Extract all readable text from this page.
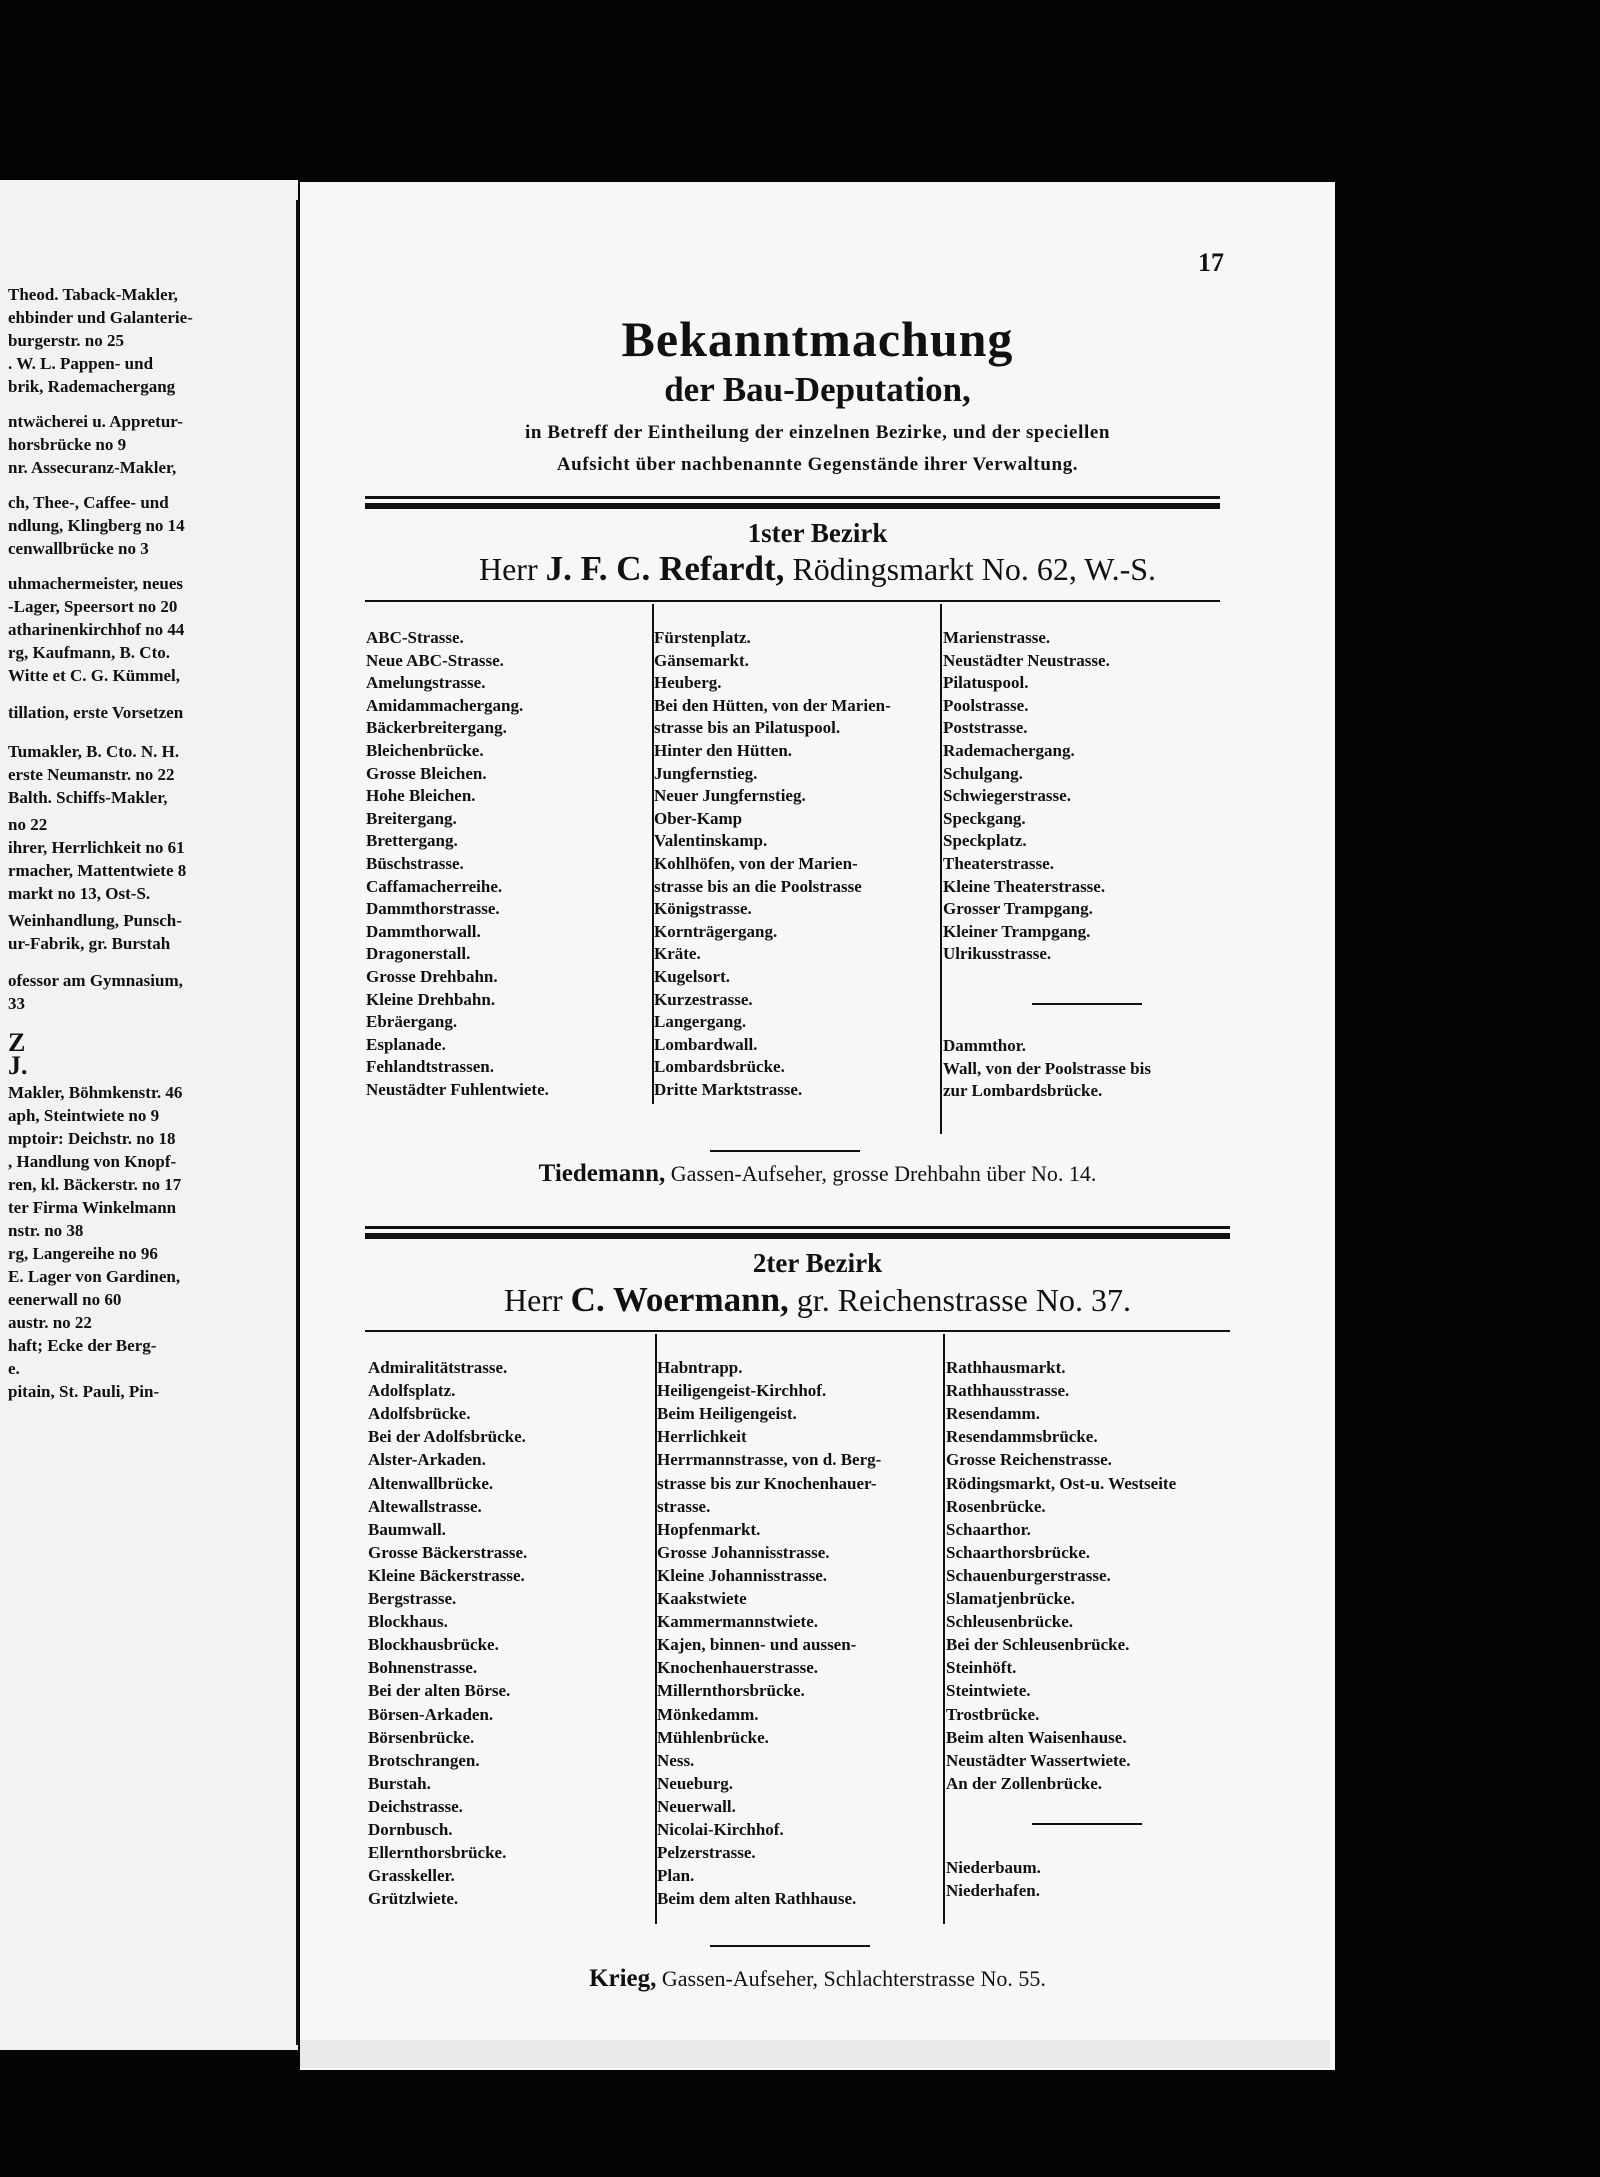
Theod. Taback-Makler,
ehbinder und Galanterie-
burgerstr. no 25
. W. L. Pappen- und
brik, Rademachergang
ntwächerei u. Appretur-
horsbrücke no 9
nr. Assecuranz-Makler,
ch, Thee-, Caffee- und
ndlung, Klingberg no 14
cenwallbrücke no 3
uhmachermeister, neues
-Lager, Speersort no 20
atharinenkirchhof no 44
rg, Kaufmann, B. Cto.
Witte et C. G. Kümmel,
tillation, erste Vorsetzen
Tumakler, B. Cto. N. H.
erste Neumanstr. no 22
Balth. Schiffs-Makler,
no 22
ihrer, Herrlichkeit no 61
rmacher, Mattentwiete 8
markt no 13, Ost-S.
Weinhandlung, Punsch-
ur-Fabrik, gr. Burstah
ofessor am Gymnasium,
33
Z
J.
Makler, Böhmkenstr. 46
aph, Steintwiete no 9
mptoir: Deichstr. no 18
, Handlung von Knopf-
ren, kl. Bäckerstr. no 17
ter Firma Winkelmann
nstr. no 38
rg, Langereihe no 96
E. Lager von Gardinen,
eenerwall no 60
austr. no 22
haft; Ecke der Berg-
e.
pitain, St. Pauli, Pin-
17
Bekanntmachung
der Bau-Deputation,
in Betreff der Eintheilung der einzelnen Bezirke, und der speciellen
Aufsicht über nachbenannte Gegenstände ihrer Verwaltung.
1ster Bezirk
Herr J. F. C. Refardt, Rödingsmarkt No. 62, W.-S.
ABC-Strasse.
Neue ABC-Strasse.
Amelungstrasse.
Amidammachergang.
Bäckerbreitergang.
Bleichenbrücke.
Grosse Bleichen.
Hohe Bleichen.
Breitergang.
Brettergang.
Büschstrasse.
Caffamacherreihe.
Dammthorstrasse.
Dammthorwall.
Dragonerstall.
Grosse Drehbahn.
Kleine Drehbahn.
Ebräergang.
Esplanade.
Fehlandtstrassen.
Neustädter Fuhlentwiete.
Fürstenplatz.
Gänsemarkt.
Heuberg.
Bei den Hütten, von der Marien-
strasse bis an Pilatuspool.
Hinter den Hütten.
Jungfernstieg.
Neuer Jungfernstieg.
Ober-Kamp
Valentinskamp.
Kohlhöfen, von der Marien-
strasse bis an die Poolstrasse
Königstrasse.
Kornträgergang.
Kräte.
Kugelsort.
Kurzestrasse.
Langergang.
Lombardwall.
Lombardsbrücke.
Dritte Marktstrasse.
Marienstrasse.
Neustädter Neustrasse.
Pilatuspool.
Poolstrasse.
Poststrasse.
Rademachergang.
Schulgang.
Schwiegerstrasse.
Speckgang.
Speckplatz.
Theaterstrasse.
Kleine Theaterstrasse.
Grosser Trampgang.
Kleiner Trampgang.
Ulrikusstrasse.
Dammthor.
Wall, von der Poolstrasse bis
zur Lombardsbrücke.
Tiedemann, Gassen-Aufseher, grosse Drehbahn über No. 14.
2ter Bezirk
Herr C. Woermann, gr. Reichenstrasse No. 37.
Admiralitätstrasse.
Adolfsplatz.
Adolfsbrücke.
Bei der Adolfsbrücke.
Alster-Arkaden.
Altenwallbrücke.
Altewallstrasse.
Baumwall.
Grosse Bäckerstrasse.
Kleine Bäckerstrasse.
Bergstrasse.
Blockhaus.
Blockhausbrücke.
Bohnenstrasse.
Bei der alten Börse.
Börsen-Arkaden.
Börsenbrücke.
Brotschrangen.
Burstah.
Deichstrasse.
Dornbusch.
Ellernthorsbrücke.
Grasskeller.
Grützlwiete.
Habntrapp.
Heiligengeist-Kirchhof.
Beim Heiligengeist.
Herrlichkeit
Herrmannstrasse, von d. Berg-
strasse bis zur Knochenhauer-
strasse.
Hopfenmarkt.
Grosse Johannisstrasse.
Kleine Johannisstrasse.
Kaakstwiete
Kammermannstwiete.
Kajen, binnen- und aussen-
Knochenhauerstrasse.
Millernthorsbrücke.
Mönkedamm.
Mühlenbrücke.
Ness.
Neueburg.
Neuerwall.
Nicolai-Kirchhof.
Pelzerstrasse.
Plan.
Beim dem alten Rathhause.
Rathhausmarkt.
Rathhausstrasse.
Resendamm.
Resendammsbrücke.
Grosse Reichenstrasse.
Rödingsmarkt, Ost-u. Westseite
Rosenbrücke.
Schaarthor.
Schaarthorsbrücke.
Schauenburgerstrasse.
Slamatjenbrücke.
Schleusenbrücke.
Bei der Schleusenbrücke.
Steinhöft.
Steintwiete.
Trostbrücke.
Beim alten Waisenhause.
Neustädter Wassertwiete.
An der Zollenbrücke.
Niederbaum.
Niederhafen.
Krieg, Gassen-Aufseher, Schlachterstrasse No. 55.
